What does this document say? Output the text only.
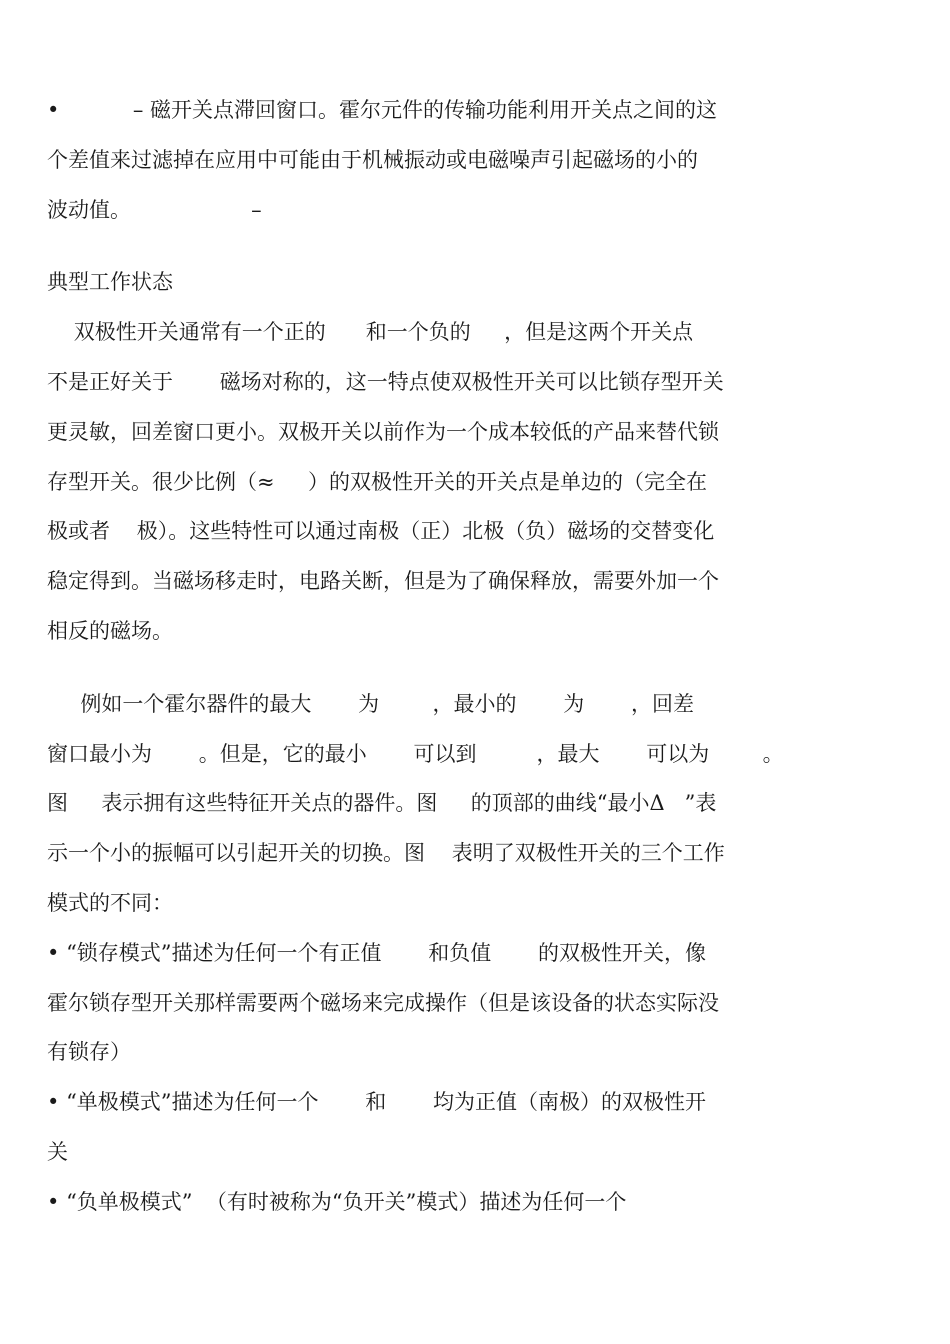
•           – 磁开关点滞回窗口。霍尔元件的传输功能利用开关点之间的这
个差值来过滤掉在应用中可能由于机械振动或电磁噪声引起磁场的小的
波动值。                  –
典型工作状态
双极性开关通常有一个正的      和一个负的     ，但是这两个开关点
不是正好关于       磁场对称的，这一特点使双极性开关可以比锁存型开关
更灵敏，回差窗口更小。双极开关以前作为一个成本较低的产品来替代锁
存型开关。很少比例（≈     ）的双极性开关的开关点是单边的（完全在
极或者    极）。这些特性可以通过南极（正）北极（负）磁场的交替变化
稳定得到。当磁场移走时，电路关断，但是为了确保释放，需要外加一个
相反的磁场。
例如一个霍尔器件的最大       为        ，最小的       为       ，回差
窗口最小为       。但是，它的最小       可以到         ，最大       可以为        。
图     表示拥有这些特征开关点的器件。图     的顶部的曲线“最小Δ   ”表
示一个小的振幅可以引起开关的切换。图    表明了双极性开关的三个工作
模式的不同：
• “锁存模式”描述为任何一个有正值       和负值       的双极性开关，像
霍尔锁存型开关那样需要两个磁场来完成操作（但是该设备的状态实际没
有锁存）
• “单极模式”描述为任何一个       和       均为正值（南极）的双极性开
关
• “负单极模式”  （有时被称为“负开关”模式）描述为任何一个
